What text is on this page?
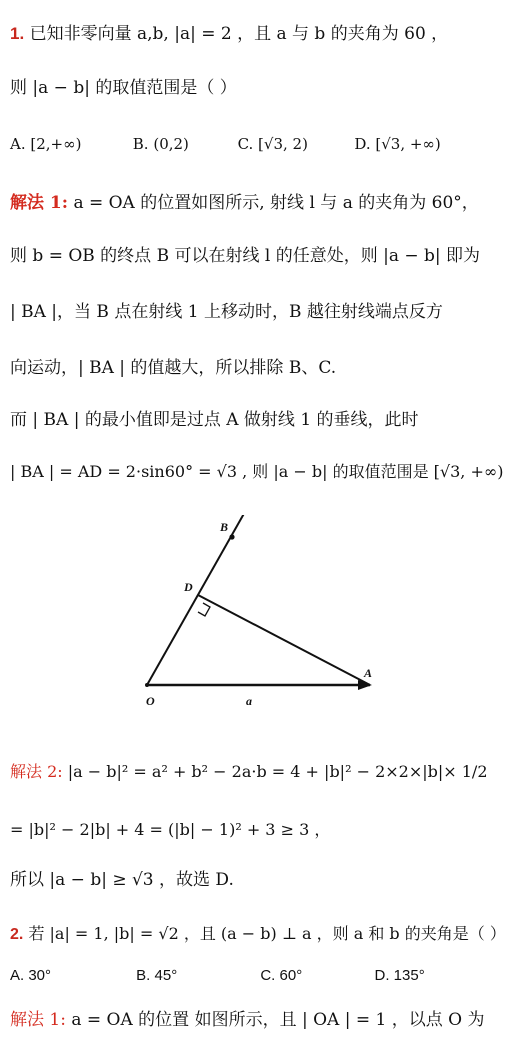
1. 已知非零向量 a,b, |a| = 2 ，且 a 与 b 的夹角为 60 ，
则 |a − b| 的取值范围是（ ）
A. [2,+∞)	B. (0,2)	C. [√3, 2)	D. [√3, +∞)
解法 1: a = OA 的位置如图所示, 射线 l 与 a 的夹角为 60°，
则 b = OB 的终点 B 可以在射线 l 的任意处，则 |a − b| 即为
| BA |，当 B 点在射线 1 上移动时，B 越往射线端点反方
向运动，| BA | 的值越大，所以排除 B、C.
而 | BA | 的最小值即是过点 A 做射线 1 的垂线，此时
| BA | = AD = 2·sin60° = √3 , 则 |a − b| 的取值范围是 [√3, +∞)
B
D
O
A
a
解法 2: |a − b|² = a² + b² − 2a·b = 4 + |b|² − 2×2×|b|× 1/2
= |b|² − 2|b| + 4 = (|b| − 1)² + 3 ≥ 3 ，
所以 |a − b| ≥ √3 ，故选 D.
2. 若 |a| = 1, |b| = √2 ，且 (a − b) ⊥ a ，则 a 和 b 的夹角是（ ）
A. 30°	B. 45°	C. 60°	D. 135°
解法 1: a = OA 的位置 如图所示，且 | OA | = 1 ，以点 O 为
